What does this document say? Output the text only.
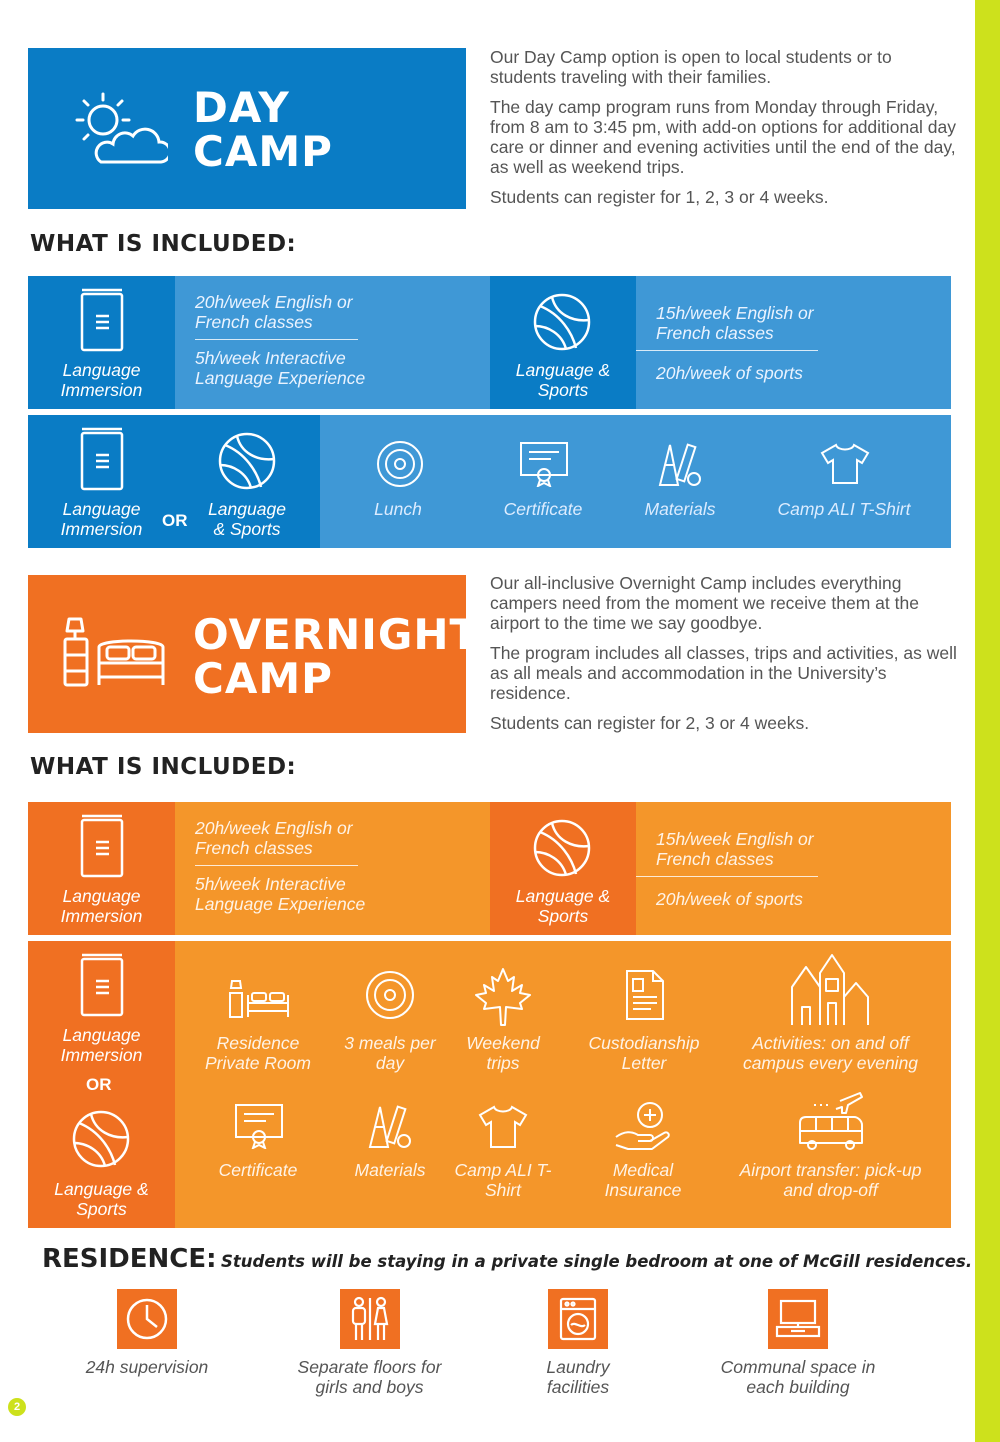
DAY
CAMP

Our Day Camp option is open to local students or to students traveling with their families.

The day camp program runs from Monday through Friday, from 8 am to 3:45 pm, with add-on options for additional day care or dinner and evening activities until the end of the day, as well as weekend trips.

Students can register for 1, 2, 3 or 4 weeks.

WHAT IS INCLUDED:
Language Immersion
20h/week English or French classes
5h/week Interactive Language Experience	Language & Sports
15h/week English or French classes
20h/week of sports
Language Immersion	OR
Language & Sports
Lunch	Certificate	Materials	Camp ALI T-Shirt
OVERNIGHT
CAMP

Our all-inclusive Overnight Camp includes everything campers need from the moment we receive them at the airport to the time we say goodbye.

The program includes all classes, trips and activities, as well as all meals and accommodation in the University’s residence.

Students can register for 2, 3 or 4 weeks.

WHAT IS INCLUDED:
Language Immersion
20h/week English or French classes
5h/week Interactive Language Experience	Language & Sports
15h/week English or French classes
20h/week of sports
Language Immersion
OR
Language & Sports
Residence Private Room
3 meals per day
Weekend trips
Custodianship Letter
Activities: on and off campus every evening
Certificate	Materials	Camp ALI T-Shirt
Medical Insurance
Airport transfer: pick-up and drop-off
RESIDENCE: Students will be staying in a private single bedroom at one of McGill residences.
24h supervision	Separate floors for girls and boys
Laundry facilities
Communal space in each building
2
